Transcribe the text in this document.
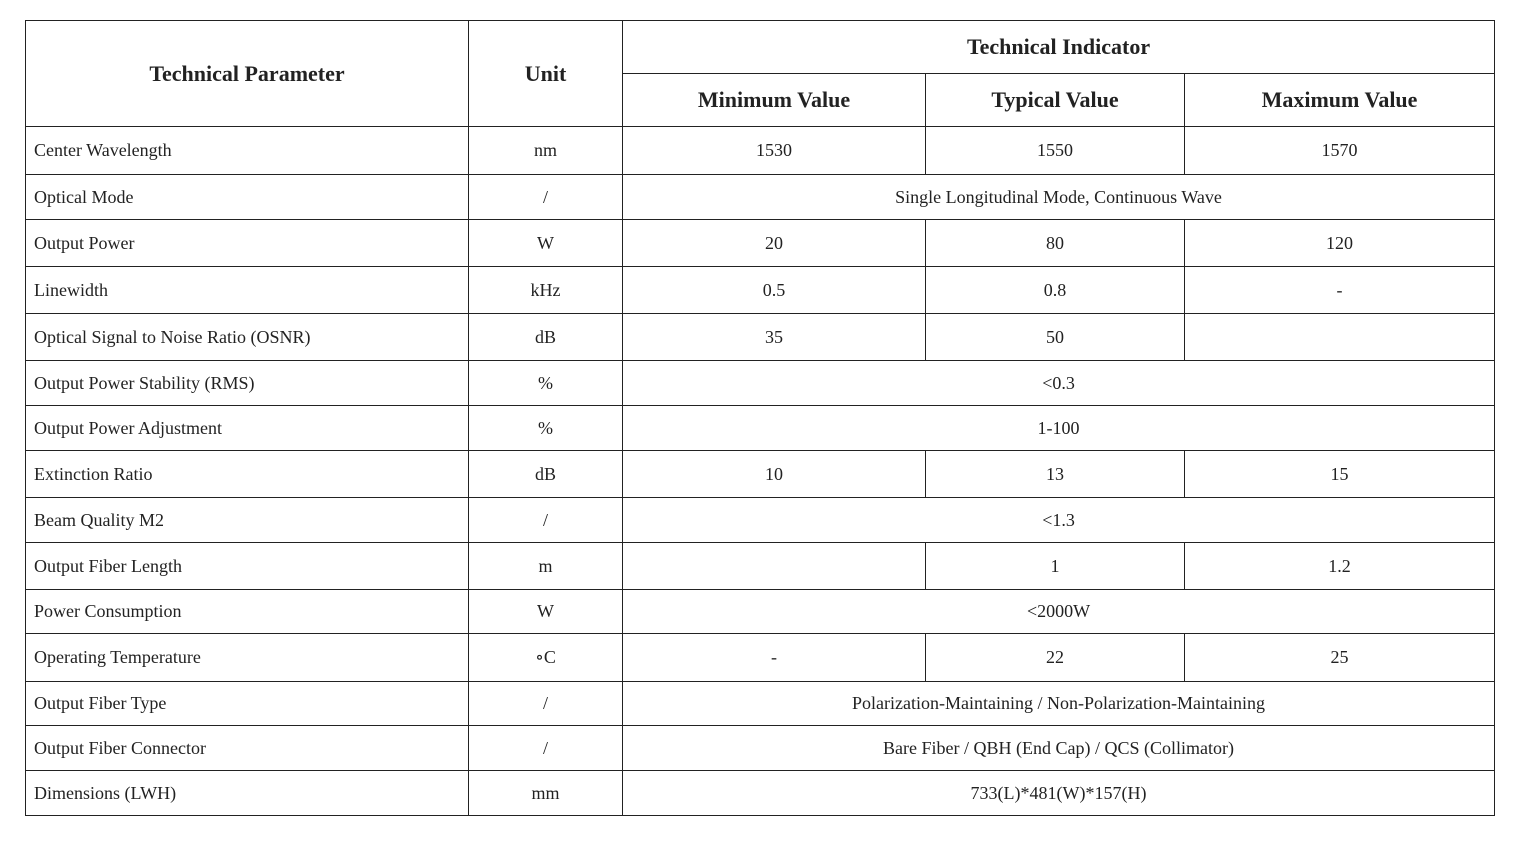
Technical Parameter	Unit	Technical Indicator		
		Minimum Value	Typical Value	Maximum Value
Center Wavelength	nm	1530	1550	1570
Optical Mode	/	Single Longitudinal Mode, Continuous Wave		
Output Power	W	20	80	120
Linewidth	kHz	0.5	0.8	-
Optical Signal to Noise Ratio (OSNR)	dB	35	50	
Output Power Stability (RMS)	%	<0.3		
Output Power Adjustment	%	1-100		
Extinction Ratio	dB	10	13	15
Beam Quality M2	/	<1.3		
Output Fiber Length	m		1	1.2
Power Consumption	W	<2000W		
Operating Temperature	∘C	-	22	25
Output Fiber Type	/	Polarization-Maintaining / Non-Polarization-Maintaining		
Output Fiber Connector	/	Bare Fiber / QBH (End Cap) / QCS (Collimator)		
Dimensions (LWH)	mm	733(L)*481(W)*157(H)		
